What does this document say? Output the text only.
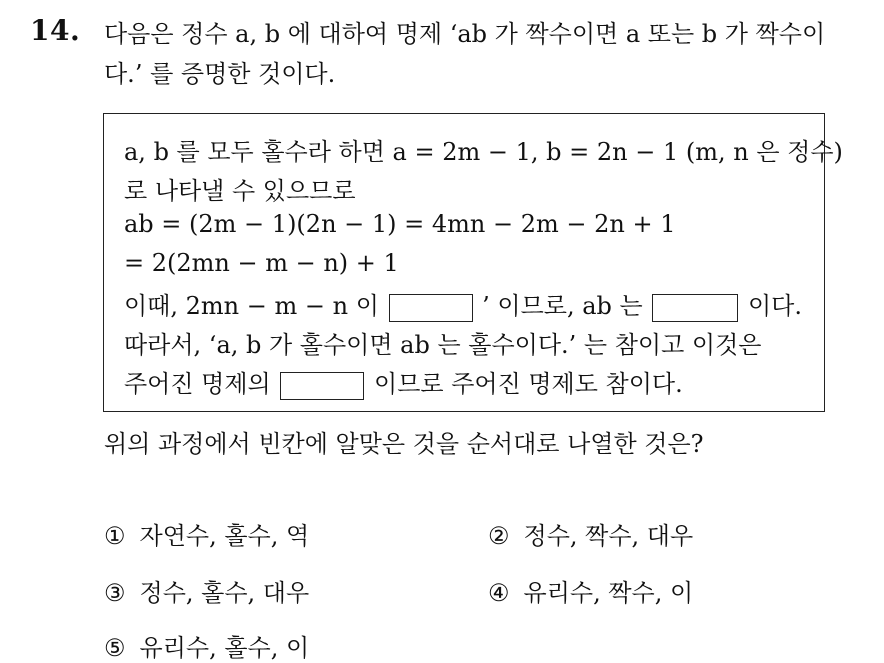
14. 다음은 정수 a, b 에 대하여 명제 ‘ab 가 짝수이면 a 또는 b 가 짝수이
다.’ 를 증명한 것이다.
a, b 를 모두 홀수라 하면 a = 2m − 1, b = 2n − 1 (m, n 은 정수)
로 나타낼 수 있으므로
ab = (2m − 1)(2n − 1) = 4mn − 2m − 2n + 1
= 2(2mn − m − n) + 1
이때, 2mn − m − n 이	’ 이므로, ab 는	이다.
따라서, ‘a, b 가 홀수이면 ab 는 홀수이다.’ 는 참이고 이것은
주어진 명제의	이므로 주어진 명제도 참이다.
위의 과정에서 빈칸에 알맞은 것을 순서대로 나열한 것은?
① 자연수, 홀수, 역	② 정수, 짝수, 대우
③ 정수, 홀수, 대우	④ 유리수, 짝수, 이
⑤ 유리수, 홀수, 이
